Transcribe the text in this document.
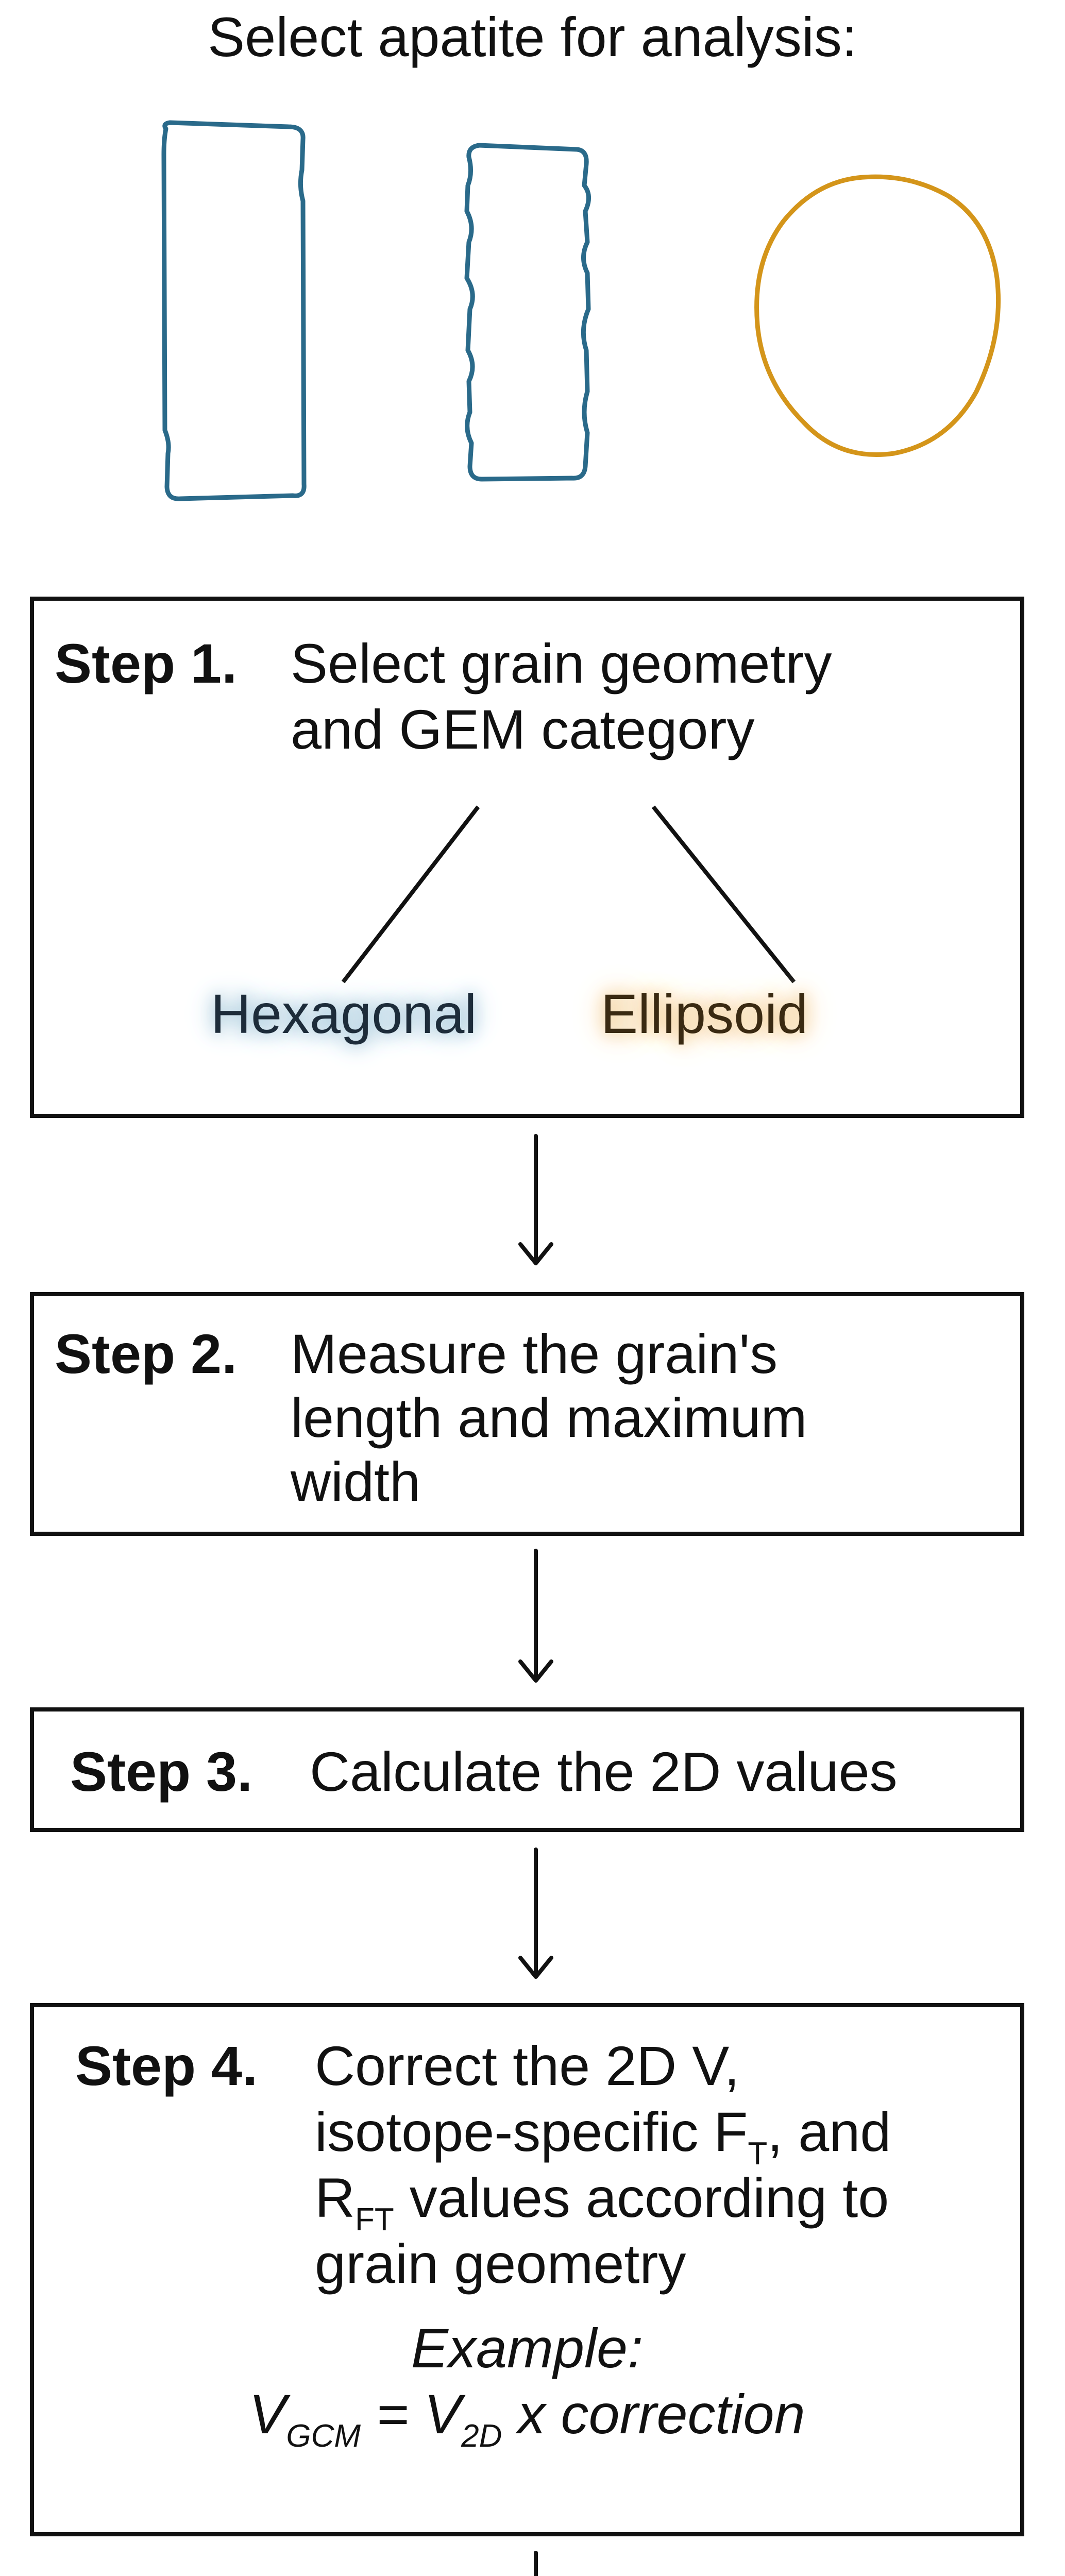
Select apatite for analysis:
Step 1. Select grain geometry
and GEM category
Hexagonal Ellipsoid
Step 2. Measure the grain's
length and maximum
width
Step 3. Calculate the 2D values
Step 4. Correct the 2D V,
isotope-specific $F_T$, and
$R_{FT}$ values according to
grain geometry
Example:
$V_{GCM} = V_{2D}$ x correction
